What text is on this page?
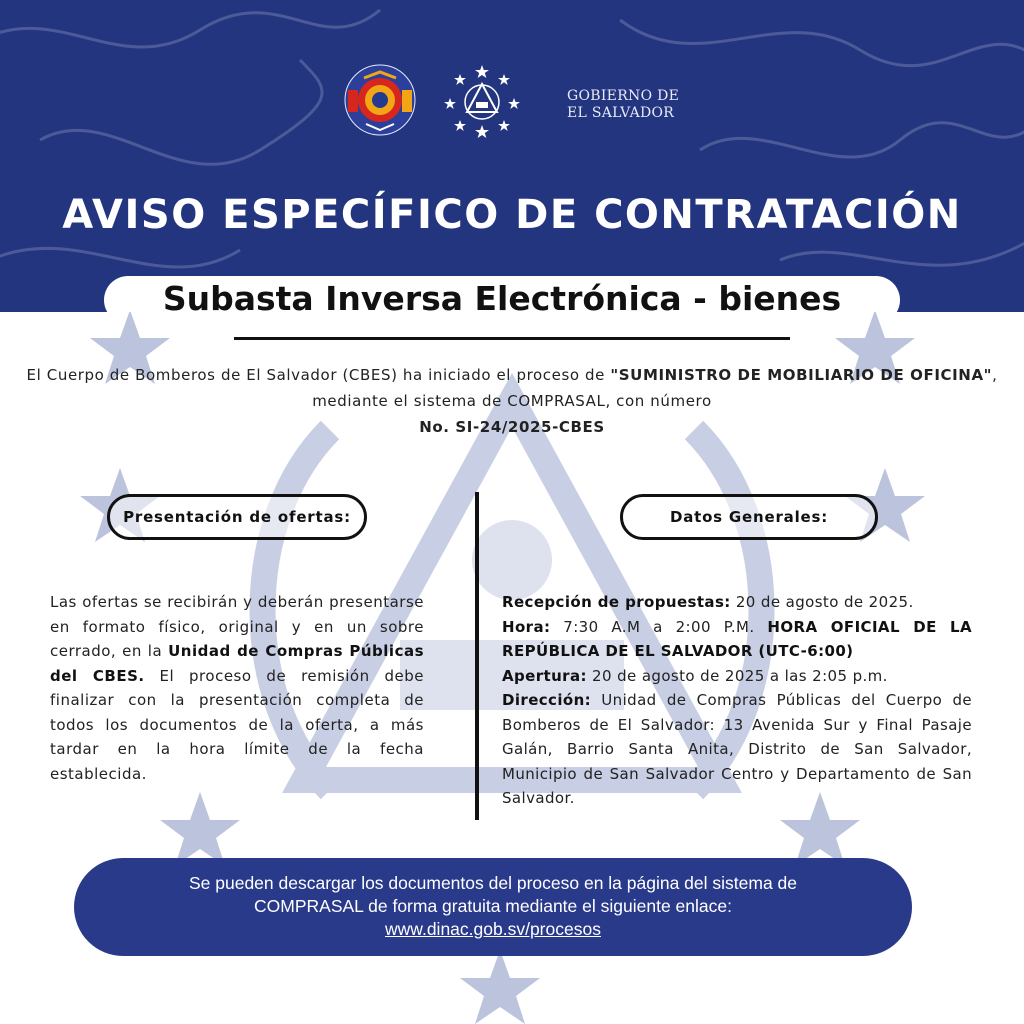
GOBIERNO DE
EL SALVADOR
AVISO ESPECÍFICO DE CONTRATACIÓN
Subasta Inversa Electrónica - bienes
El Cuerpo de Bomberos de El Salvador (CBES) ha iniciado el proceso de "SUMINISTRO DE MOBILIARIO DE OFICINA", mediante el sistema de COMPRASAL, con número
No. SI-24/2025-CBES
Presentación de ofertas:	Datos Generales:
Las ofertas se recibirán y deberán presentarse en formato físico, original y en un sobre cerrado, en la Unidad de Compras Públicas del CBES. El proceso de remisión debe finalizar con la presentación completa de todos los documentos de la oferta, a más tardar en la hora límite de la fecha establecida.

Recepción de propuestas: 20 de agosto de 2025.

Hora: 7:30 A.M a 2:00 P.M. HORA OFICIAL DE LA REPÚBLICA DE EL SALVADOR (UTC-6:00)

Apertura: 20 de agosto de 2025 a las 2:05 p.m.

Dirección: Unidad de Compras Públicas del Cuerpo de Bomberos de El Salvador: 13 Avenida Sur y Final Pasaje Galán, Barrio Santa Anita, Distrito de San Salvador, Municipio de San Salvador Centro y Departamento de San Salvador.

Se pueden descargar los documentos del proceso en la página del sistema de
COMPRASAL de forma gratuita mediante el siguiente enlace:
www.dinac.gob.sv/procesos
